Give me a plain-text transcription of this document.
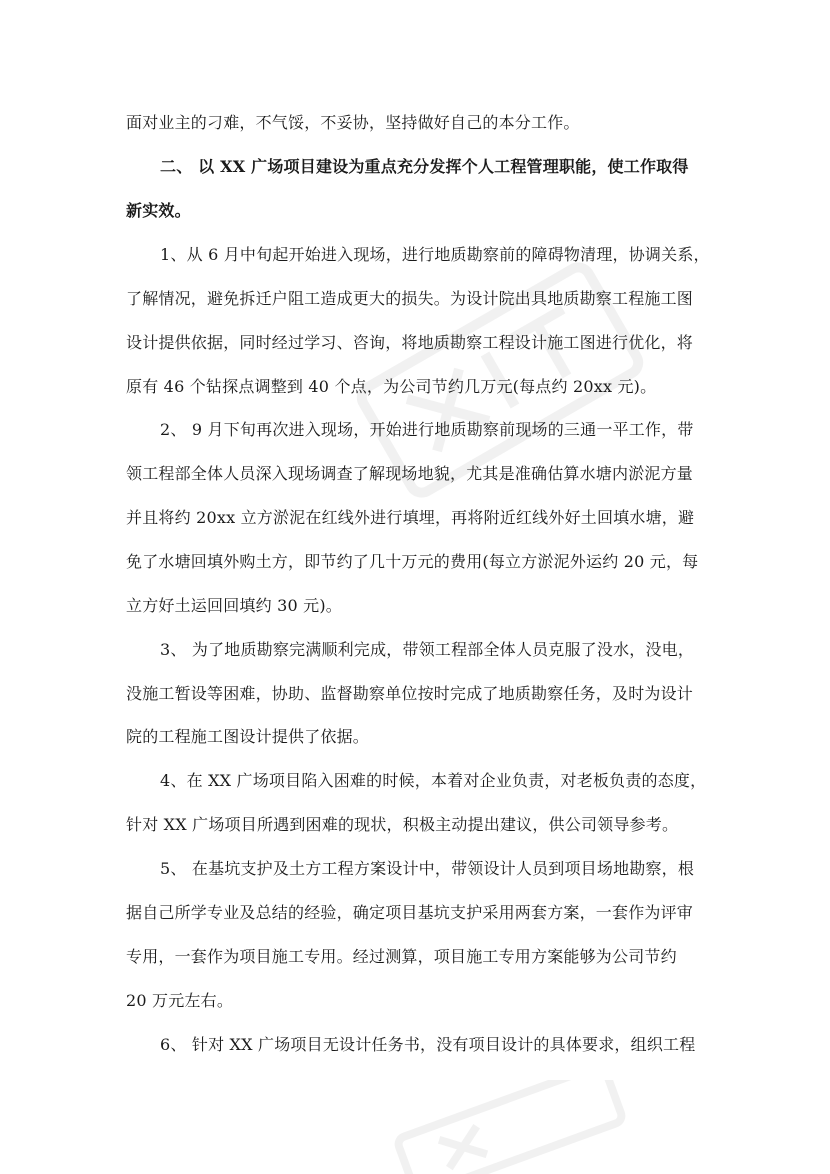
面对业主的刁难，不气馁，不妥协，坚持做好自己的本分工作。
二、 以 XX 广场项目建设为重点充分发挥个人工程管理职能，使工作取得
新实效。
1、从 6 月中旬起开始进入现场，进行地质勘察前的障碍物清理，协调关系，
了解情况，避免拆迁户阻工造成更大的损失。为设计院出具地质勘察工程施工图
设计提供依据，同时经过学习、咨询，将地质勘察工程设计施工图进行优化，将
原有 46 个钻探点调整到 40 个点，为公司节约几万元(每点约 20xx 元)。
2、 9 月下旬再次进入现场，开始进行地质勘察前现场的三通一平工作，带
领工程部全体人员深入现场调查了解现场地貌，尤其是准确估算水塘内淤泥方量
并且将约 20xx 立方淤泥在红线外进行填埋，再将附近红线外好土回填水塘，避
免了水塘回填外购土方，即节约了几十万元的费用(每立方淤泥外运约 20 元，每
立方好土运回回填约 30 元)。
3、 为了地质勘察完满顺利完成，带领工程部全体人员克服了没水，没电，
没施工暂设等困难，协助、监督勘察单位按时完成了地质勘察任务，及时为设计
院的工程施工图设计提供了依据。
4、在 XX 广场项目陷入困难的时候，本着对企业负责，对老板负责的态度，
针对 XX 广场项目所遇到困难的现状，积极主动提出建议，供公司领导参考。
5、 在基坑支护及土方工程方案设计中，带领设计人员到项目场地勘察，根
据自己所学专业及总结的经验，确定项目基坑支护采用两套方案，一套作为评审
专用，一套作为项目施工专用。经过测算，项目施工专用方案能够为公司节约
20 万元左右。
6、 针对 XX 广场项目无设计任务书，没有项目设计的具体要求，组织工程
